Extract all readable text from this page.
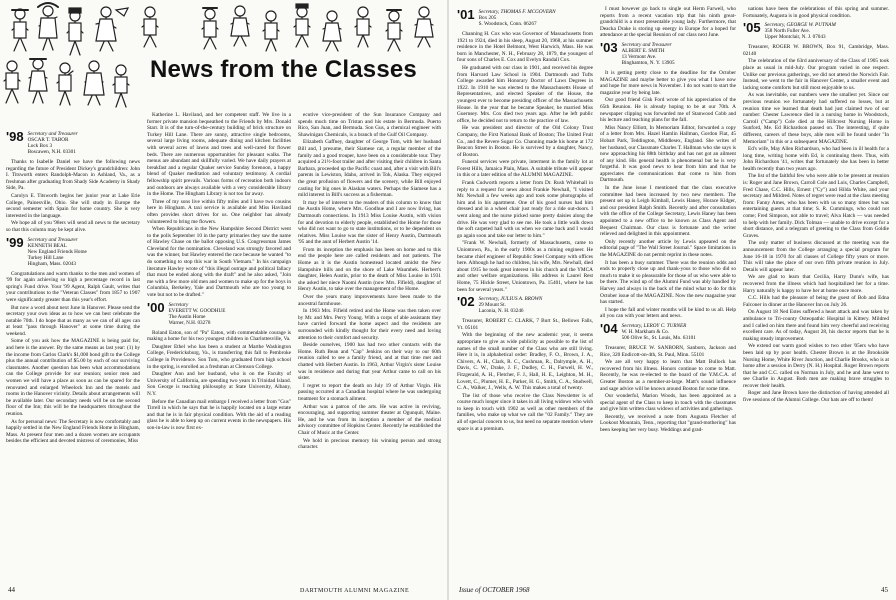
News from the Classes
'98 Secretary and Treasurer
OSCAR T. TABOR
Lock Box 3
Boscawen, N.H. 03301

Thanks to Isabelle Daniel we have the following news regarding the future of President Dickey's grandchildren: John I. Titsworth enters Randolph-Macon in Ashland, Va., as a freshman after graduating from Shady Side Academy in Shady Side, Pa.

Carolyn E. Titsworth begins her junior year at Lake Erie College, Painesville, Ohio. She will study in Europe the second semester with Spain for home country. She is very interested in the language.

We hope all of you '98ers will send all news to the secretary so that this column may be kept alive.

'99 Secretary and Treasurer
KENNETH BEAL
New England Friends Home
Turkey Hill Lane
Hingham, Mass. 02043

Congratulations and warm thanks to the men and women of '99 for again achieving so high a percentage record in last spring's Fund drive. Your '99 Agent, Ralph Gault, writes that your contributions to the "Veteran Classes" from 1857 to 1907 were significantly greater than this year's effort.

But now a word about next June in Hanover. Please send the secretary your own ideas as to how we can best celebrate the notable 70th. I do hope that as many as we can of all ages can at least "pass through Hanover" at some time during the weekend.

Some of you ask how the MAGAZINE is being paid for, and here is the answer. By the same means as last year: (1) by the income from Carlos Clark's $1,000 bond gift to the College plus the annual contribution of $5.00 by each of our surviving classmates. Another question has been what accommodations can the College provide for our reunion; senior men and women we will have a place as soon as can be spared for the renovated and enlarged Wheelock Inn and the motels and rooms in the Hanover vicinity. Details about arrangements will be available later. Our secondary needs will be on the second floor of the Inn; this will be the headquarters throughout the reunion.

As for personal news: The Secretary is now comfortably and happily settled in the New England Friends Home in Hingham, Mass. At present four men and a dozen women are occupants besides the efficient and devoted mistress of ceremonies, Miss

Katherine L. Haviland, and her competent staff. We live in a former private mansion bequeathed to the Friends by Mrs. Donald Starr. It is of the turn-of-the-century building of brick structure on Turkey Hill Lane. There are sunny, attractive single bedrooms, several large living rooms, adequate dining and kitchen facilities with several acres of lawns and trees and well-cared for flower beds. There are numerous opportunities for pleasant walks. The menus are abundant and skillfully varied. We have daily prayers at breakfast and a regular Quaker service Sunday forenoon, a happy blend of Quaker meditation and voluntary testimony. A cordial fellowship spirit prevails. Various forms of recreation both indoors and outdoors are always available with a very considerable library in the Home. The Hingham Library is not too far away.

Three of my sons live within fifty miles and I have two cousins here in Hingham. A taxi service is available and Miss Haviland often provides short drives for us. One neighbor has already volunteered to bring me flowers.

When Republicans in the New Hampshire Second District went to the polls September 10 in the party primaries they saw the name of Hawley Chase on the ballot opposing U.S. Congressman James Cleveland for the nomination. Cleveland was strongly favored and was the winner, but Hawley entered the race because he wanted "to do something to stop this war in South Vietnam." In his campaign literature Hawley wrote of "this illegal outrage and political fallacy that must be ended along with the draft" and he also asked, "Join me with a few more old men and women to make up for the boys in Columbia, Berkeley, Yale and Dartmouth who are too young to vote but not to be drafted."

'00 Secretary
EVERETT W. GOODHUE
The Austin Home
Warner, N.H. 03278

Roland Eaton, son of "Pa" Eaton, with commendable courage is making a home for his two youngest children in Charlottesville, Va.

Daughter Ethel who has been a student at Marthe Washington College, Fredericksburg, Va., is transferring this fall to Pembroke College in Providence. Son Tom, who graduated from high school in the spring, is enrolled as a freshman at Clemson College.

Daughter Ann and her husband, who is on the Faculty of University of California, are spending two years in Trinidad Island. Son George is teaching philosophy at State University, Albany, N.Y.

Before the Canadian mail embargo I received a letter from "Gus" Tirrell in which he says that he is happily located on a large estate and that he is in fair physical condition. With the aid of a reading glass he is able to keep up on current events in the newspapers. His son-in-law is now first ex-

ecutive vice-president of the Sun Insurance Company and spends much time on Tristan and his estate in Bermuda. Puerto Rico, San Juan, and Bermuda. Son Gus, a chemical engineer with Shawinigan Chemicals, is a branch of the Gulf Oil Company.

Elizabeth Gaffney, daughter of George Tom, with her husband Bill and, I presume, their Siamese cat, a regular member of the family and a good trouper, have been on a considerable tour. They acquired a 21½-foot trailer and after visiting their children in Santa Barbara, proceeded up the Pacific coast and, after a visit with Bill's parents in Lewiston, Idaho, arrived in Tok, Alaska. They enjoyed the great profusion of flowers and the scenery, while Bill enjoyed casting for big ones in Alaskan waters. Perhaps the Siamese has a mild interest in Bill's success as a fisherman.

It may be of interest to the readers of this column to know that the Austin Home, where Mrs. Goodhue and I are now living, has Dartmouth connections. In 1913 Miss Louise Austin, with vision for and devotion to elderly people, established the Home for those who did not want to go to state institutions, or to be dependent on relatives. Miss Louise was the sister of Henry Austin, Dartmouth '95 and the aunt of Herbert Austin '14.

From its inception the emphasis has been on home and to this end the people here are called residents and not patients. The Home as it is the Austin homestead located amidst the New Hampshire hills and on the shore of Lake Waumbek. Herbert's daughter, Helen Austin, prior to the death of Miss Louise in 1931 she asked her niece Naomi Austin (now Mrs. Fifield), daughter of Henry Austin, to take over the management of the Home.

Over the years many improvements have been made to the ancestral farmhouse.

In 1963 Mrs. Fifield retired and the Home was then taken over by Mr. and Mrs. Perry Young. With a corps of able assistants they have carried forward the home aspect and the residents are surrounded with kindly thought for their every need and loving attention to their comfort and security.

Beside ourselves, 1900 has had two other contacts with the Home. Ruth Bean and "Cap" Jenkins on their way to our 60th reunion called to see a family friend, and at that time met and chatted with Herbert Austin. In 1963, Arthur Virgin's sister Louise was in residence and during that year Arthur came to call on his sister.

I regret to report the death on July 19 of Arthur Virgin. His passing occurred at a Canadian hospital where he was undergoing treatment for a stomach ailment.

Arthur was a patron of the arts. He was active in reviving, encouraging, and supporting summer theater at Ogunquit, Maine. He, and he was from its inception a member of the medical advisory committee of Hopkins Center. Recently he established the Chair of Music at the Center.

We hold in precious memory his winning person and strong character.

44	DARTMOUTH ALUMNI MAGAZINE
'01 Secretary, THOMAS F. MCGOVERN
Box 205
S. Woodstock, Conn. 06267

Channing H. Cox who was Governor of Massachusetts from 1921 to 1924, died in his sleep, August 20, 1968, at his summer residence in the Hotel Belmont, West Harwich, Mass. He was born in Manchester, N. H., February 28, 1879, the youngest of four sons of Charles E. Cox and Evelyn Randall Cox.

He graduated with our class in 1901, and received his degree from Harvard Law School in 1904. Dartmouth and Tufts College awarded him Honorary Doctor of Laws Degrees in 1922. In 1910 he was elected to the Massachusetts House of Representatives, and elected Speaker of the House, the youngest ever to become presiding officer of the Massachusetts House. In the year that he became Speaker, he married Miss Guernsey. Mrs. Cox died two years ago. After he left public office, he decided not to return to the practice of law.

He was president and director of the Old Colony Trust Company, the First National Bank of Boston; The United Fruit Co., and the Revere Sugar Co. Channing made his home at 172 Beacon Street in Boston. He is survived by a daughter, Nancy, of Boston.

Funeral services were private, interment in the family lot at Forest Hills, Jamaica Plain, Mass. A suitable tribute will appear in this or a later edition of the ALUMNI MAGAZINE.

Frank Cudworth reports a letter from Dr. Rush Whitehall in reply to a request for news about Frankie Newhall, "I visited Mr. Newhall a few weeks ago and took some photographs of him and in his apartment. One of his good nurses had him dressed and in a wheel chair just ready for a ride out-doors. I went along and the nurse picked some pretty daisies along the drive. He was very glad to see me. He took a little walk down the soft carpeted hall with us when we came back and I would go again soon and take our letter to him."

"Frank W. Newhall, formerly of Massachusetts, came to Uniontown, Pa., in the early 1900s as a mining engineer. He became chief engineer of Republic Steel Company with offices here. Although he had no children, his wife, Mrs. Newhall, died about 1915 he took great interest in his church and the YMCA and other welfare organizations. His address is Laurel Rest Home, 75 Hickle Street, Uniontown, Pa. 15401, where he has been for several years."

'02 Secretary, JULIUS A. BROWN
29 Mount St.
Laconia, N. H. 03246

Treasurer, ROBERT C. CLARK, 7 Burt St., Bellows Falls, Vt. 05101

With the beginning of the new academic year, it seems appropriate to give as wide publicity as possible to the list of names of the small number of the Class who are still living. Here it is, in alphabetical order: Bradley, F. O., Brown, J. A., Chivers, A. H., Clark, R. C., Cushman, R., Dalrymple, A. H., Davis, C. W., Drake, J. F., Dudley, C. H., Farwell, H. W., Fitzgerald, A. H., Fletcher, F. J., Hall, H. E., Leighton, M. H., Lovett, C., Plumer, H. E., Parker, H. G., Smith, C. A., Studwell, C. A., Walker, J., Wells, A. W. This makes a total of twenty.

The list of those who receive the Class Newsletter is of course much longer since it takes in all living widows who wish to keep in touch with 1902 as well as other members of the families, who make up what we call the "02 Family." They are all of special concern to us, but need no separate mention where space is at a premium.

I must however go back to single out Herm Farwell, who reports from a recent vacation trip that his ninth great-grandchild is a most presentable young lady. Furthermore, that Deacka Drake is storing up energy in Europe for a hoped for attendance at the special Reunion of our class next June.

'03 Secretary and Treasurer
ALBERT E. SMITH
13 Vermont Ave.
Binghamton, N. Y. 13905

It is getting pretty close to the deadline for the October MAGAZINE and maybe better to give you what I have now and hope for more news in November. I do not want to start the magazine year by being late.

Our good friend Gisk Ford wrote of his appreciation of the 65th Reunion. He is already hoping to be at our 70th. A newspaper clipping was forwarded me of Stanwood Cobb and his lecture and teaching plans for the fall.

Miss Nancy Elliott, In Memoriam Editor, forwarded a copy of a letter from Mrs. Hazel Hamlin Hallman, Gordon Flat, 45 Hobart Park, Teddington, Middlesex, England. She writes of her husband, our Classmate Charles T. Hallman who she says is now approaching his 88th birthday and has not got an ailment of any kind. His general health is phenomenal but he is very forgetful. It was good news to hear from him and that he appreciates the communications that come to him from Dartmouth.

In the June issue I mentioned that the class executive committee had been increased by two new members. The present set up is Leigh Kimball, Lewis Haney, Horace Kidger, and our president Ralph Smith. Recently and after consultation with the office of the College Secretary, Lewis Haney has been appointed to a new office to be known as Class Agent and Bequest Chairman. Our class is fortunate and the writer relieved and delighted in this appointment.

Only recently another article by Lewis appeared on the editorial page of "The Wall Street Journal." Space limitations in the MAGAZINE do not permit reprint in these notes.

It has been a busy summer. There was the reunion odds and ends to properly close up and thank-yous to those who did so much to make it so pleasurable for those of us who were able to be there. The wind up of the Alumni Fund was ably handled by Harvey and always in the back of the mind what to do for this October issue of the MAGAZINE. Now the new magazine year has started.

I hope the fall and winter months will be kind to us all. Help all you can with your letters and news.

'04 Secretary, LEROY C. TURNER
W. H. Markham & Co.
506 Olive St., St. Louis, Mo. 63101

Treasurer, BRUCE W. SANBORN, Sanborn, Jackson and Rice, 320 Endicott-on-4th, St. Paul, Minn. 55101

We are all very happy to learn that Matt Bullock has recovered from his illness. Honors continue to come to Matt. Recently, he was re-elected to the board of the Y.M.C.A. of Greater Boston as a member-at-large. Matt's sound influence and sage advice will be known around Boston for some time.

Our wonderful, Marion Woods, has been appointed as a special agent of the Class to keep in touch with the classmates and give him written class widows of activities and gatherings.

Recently, we received a note from Augusta Fletcher of Lookout Mountain, Tenn., reporting that "grand-mothering" has been keeping her very busy. Weddings and grad-

uations have been the celebrations of this spring and summer. Fortunately, Augusta is in good physical condition.

'05 Secretary, GEORGE W. PUTNAM
358 North Fuller Ave.
Upper Montclair, N. J. 07043

Treasurer, ROGER W. BROWN, Box 91, Cambridge, Mass. 02140

The celebration of the 63rd anniversary of the Class of 1905 took place as usual in mid-July. Our program varied in one respect. Unlike our previous gatherings, we did not attend the Norwich Fair. Instead, we went to the fair in Hanover Center, a smaller event and lacking some comforts but still most enjoyable to us.

As was inevitable, our numbers were the smallest yet. Since our previous reunion we fortunately had suffered no losses, but at reunion time we learned that death had just claimed two of our number: Chester Lawrence died in a nursing home in Woodstock, Carroll ("Camp") Cole died at the Hillcrest Nursing Home in Sunford, Me. Ed Richardson passed on. The interesting, if quite different, careers of these boys, able men will be found under "In Memoriam" in this or a subsequent MAGAZINE.

Ed's wife, May Allen Richardson, who had been in ill health for a long time, writing home with Ed, is continuing there. Thus, with John Richardson '41, writes that fortunately she has been in better health recently than two years ago.

The list of the faithful few who were able to be present at reunion is: Roger and Jane Brown, Carroll Cole and Lois, Charles Campbell, Fred Chase, C.C. Hills, Ernest ("Cy") and Hilda White, and your secretary and Mildred. Notes of regret were read at the class meeting from: Fanny Ames, who has been with us so many times but was entertaining guests at that time; S. R. Cummings, who could not come; Fred Simpson, not able to travel; Alva Hatch — was needed to help with her family. Dick Tolman — unable to drive except for a short distance, and a telegram of greeting to the Class from Goldie Graves.

The only matter of business discussed at the meeting was the announcement from the College arranging a special program for June 16-18 in 1970 for all classes of College fifty years or more. This will take the place of our own fifth private reunion in July. Details will appear later.

We are glad to learn that Cecilia, Harry Dunn's wife, has recovered from the illness which had hospitalized her for a time. Harry naturally is happy to have her at home once more.

C.C. Hills had the pleasure of being the guest of Bob and Edna Falconer in dinner at the Hanover Inn on July 26.

On August 18 Ned Estes suffered a heart attack and was taken by ambulance to Tri-county Osteopathic Hospital in Kittery. Mildred and I called on him there and found him very cheerful and receiving excellent care. As of today, August 28, his doctor reports that he is making steady improvement.

We extend our warm good wishes to two other '05ers who have been laid up by poor health. Chester Brown is at the Brookside Nursing Home, White River Junction, and Charlie Brooks, who is at home after a session in Derry (N. H.) Hospital. Roger Brown reports that he and C.C. called on Norman in July, and he and Jane went to see Charlie in August. Both men are making brave struggles to recover their health.

Roger and Jane Brown have the distinction of having attended all five sessions of the Alumni College. Our hats are off to them!

Issue of OCTOBER 1968	45
